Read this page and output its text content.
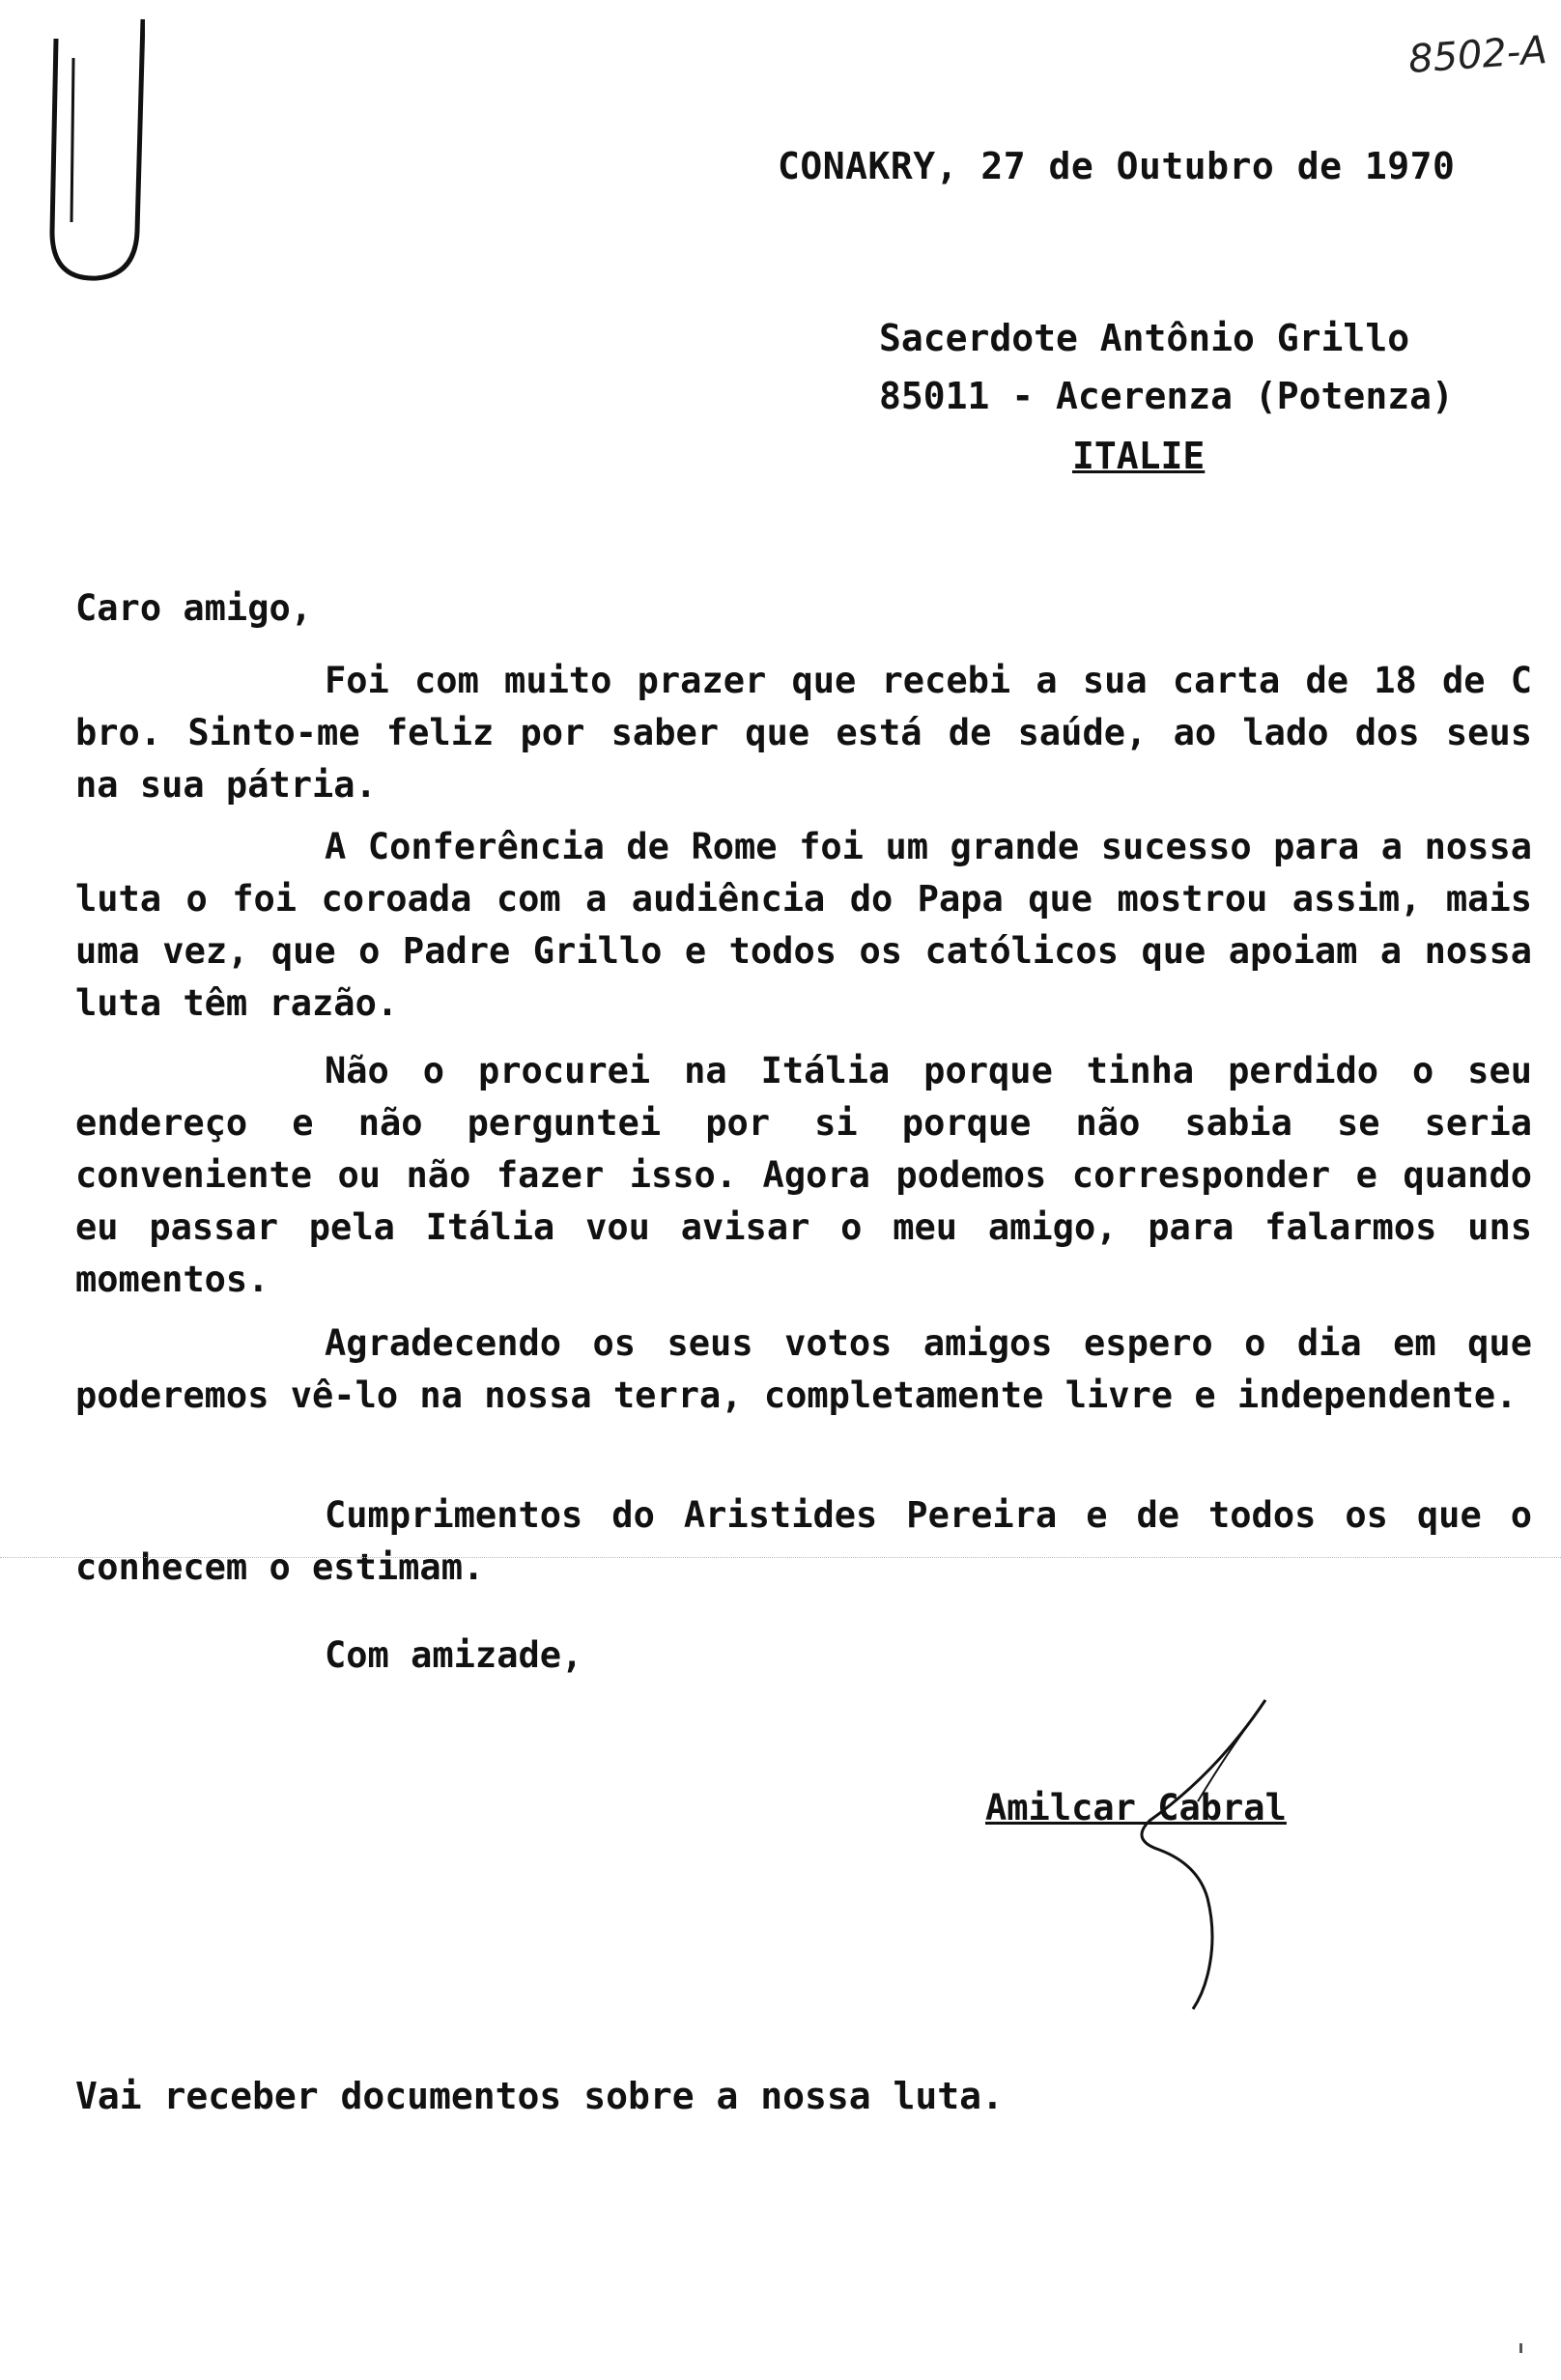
8502-A
CONAKRY, 27 de Outubro de 1970
Sacerdote Antônio Grillo
85011 - Acerenza (Potenza)
ITALIE
Caro amigo,
Foi com muito prazer que recebi a sua carta de 18 de C bro. Sinto-me feliz por saber que está de saúde, ao lado dos seus na sua pátria.
A Conferência de Rome foi um grande sucesso para a nossa luta o foi coroada com a audiência do Papa que mostrou assim, mais uma vez, que o Padre Grillo e todos os católicos que apoiam a nossa luta têm razão.
Não o procurei na Itália porque tinha perdido o seu endereço e não perguntei por si porque não sabia se seria conveniente ou não fazer isso. Agora podemos corresponder e quando eu passar pela Itália vou avisar o meu amigo, para falarmos uns momentos.
Agradecendo os seus votos amigos espero o dia em que poderemos vê-lo na nossa terra, completamente livre e independente.
Cumprimentos do Aristides Pereira e de todos os que o conhecem o estimam.
Com amizade,
Amilcar Cabral
Vai receber documentos sobre a nossa luta.
